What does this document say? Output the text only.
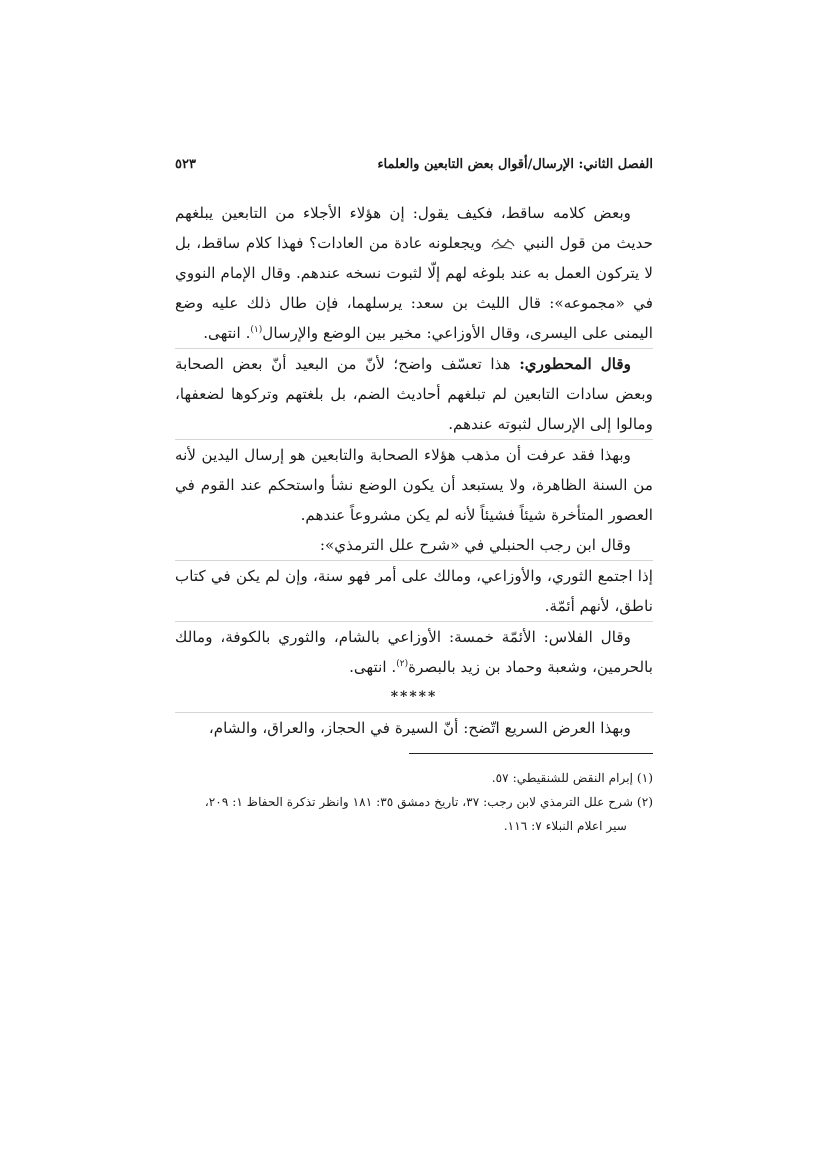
الفصل الثاني: الإرسال/أقوال بعض التابعين والعلماء
٥٢٣

وبعض كلامه ساقط، فكيف يقول: إن هؤلاء الأجلاء من التابعين يبلغهم حديث من قول النبي  ويجعلونه عادة من العادات؟ فهذا كلام ساقط، بل لا يتركون العمل به عند بلوغه لهم إلّا لثبوت نسخه عندهم. وقال الإمام النووي في «مجموعه»: قال الليث بن سعد: يرسلهما، فإن طال ذلك عليه وضع اليمنى على اليسرى، وقال الأوزاعي: مخير بين الوضع والإرسال$^{(١)}$. انتهى.

وقال المحطوري: هذا تعسّف واضح؛ لأنّ من البعيد أنّ بعض الصحابة وبعض سادات التابعين لم تبلغهم أحاديث الضم، بل بلغتهم وتركوها لضعفها، ومالوا إلى الإرسال لثبوته عندهم.

وبهذا فقد عرفت أن مذهب هؤلاء الصحابة والتابعين هو إرسال اليدين لأنه من السنة الظاهرة، ولا يستبعد أن يكون الوضع نشأ واستحكم عند القوم في العصور المتأخرة شيئاً فشيئاً لأنه لم يكن مشروعاً عندهم.

وقال ابن رجب الحنبلي في «شرح علل الترمذي»:

إذا اجتمع الثوري، والأوزاعي، ومالك على أمر فهو سنة، وإن لم يكن في كتاب ناطق، لأنهم أئمّة.

وقال الفلاس: الأئمّة خمسة: الأوزاعي بالشام، والثوري بالكوفة، ومالك بالحرمين، وشعبة وحماد بن زيد بالبصرة$^{(٢)}$. انتهى.

*****

وبهذا العرض السريع اتّضح: أنّ السيرة في الحجاز، والعراق، والشام،

(١) إبرام النقض للشنقيطي: ٥٧.

(٢) شرح علل الترمذي لابن رجب: ٣٧، تاريخ دمشق ٣٥: ١٨١ وانظر تذكرة الحفاظ ١: ٢٠٩،

سير اعلام النبلاء ٧: ١١٦.
